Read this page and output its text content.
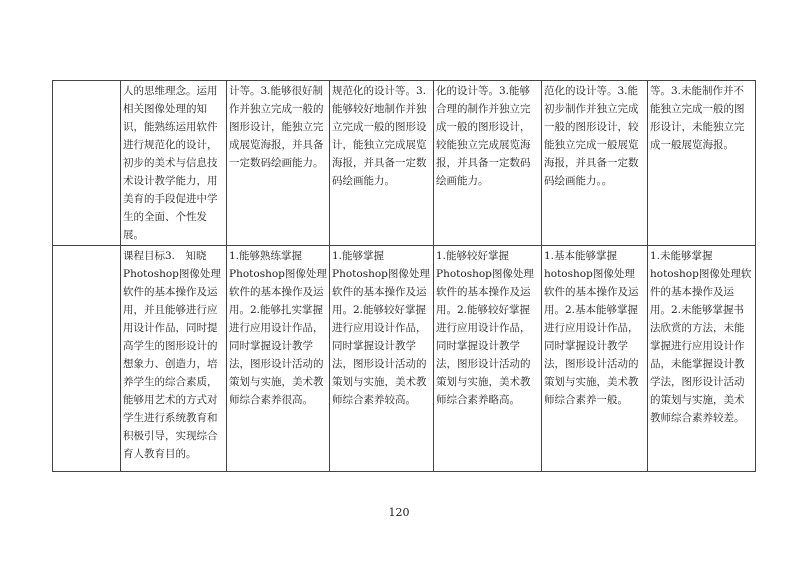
	人的思维理念。运用相关图像处理的知识，能熟练运用软件进行规范化的设计，初步的美术与信息技术设计教学能力，用美育的手段促进中学生的全面、个性发展。	计等。3.能够很好制作并独立完成一般的图形设计，能独立完成展览海报，并具备一定数码绘画能力。	规范化的设计等。3.能够较好地制作并独立完成一般的图形设计，能独立完成展览海报，并具备一定数码绘画能力。	化的设计等。3.能够合理的制作并独立完成一般的图形设计，较能独立完成展览海报，并具备一定数码绘画能力。	范化的设计等。3.能初步制作并独立完成一般的图形设计，较能独立完成一般展览海报，并具备一定数码绘画能力。。	等。3.未能制作并不能独立完成一般的图形设计，未能独立完成一般展览海报。
	课程目标3.　知晓Photoshop图像处理软件的基本操作及运用，并且能够进行应用设计作品，同时提高学生的图形设计的想象力、创造力，培养学生的综合素质，能够用艺术的方式对学生进行系统教育和积极引导，实现综合育人教育目的。	1.能够熟练掌握Photoshop图像处理软件的基本操作及运用。2.能够扎实掌握进行应用设计作品，同时掌握设计教学法，图形设计活动的策划与实施，美术教师综合素养很高。	1.能够掌握Photoshop图像处理软件的基本操作及运用。2.能够较好掌握进行应用设计作品，同时掌握设计教学法，图形设计活动的策划与实施，美术教师综合素养较高。	1.能够较好掌握Photoshop图像处理软件的基本操作及运用。2.能够较好掌握进行应用设计作品，同时掌握设计教学法，图形设计活动的策划与实施，美术教师综合素养略高。	1.基本能够掌握hotoshop图像处理软件的基本操作及运用。2.基本能够掌握进行应用设计作品，同时掌握设计教学法，图形设计活动的策划与实施，美术教师综合素养一般。	1.未能够掌握hotoshop图像处理软件的基本操作及运用。2.未能够掌握书法欣赏的方法，未能掌握进行应用设计作品，未能掌握设计教学法，图形设计活动的策划与实施，美术教师综合素养较差。
120
